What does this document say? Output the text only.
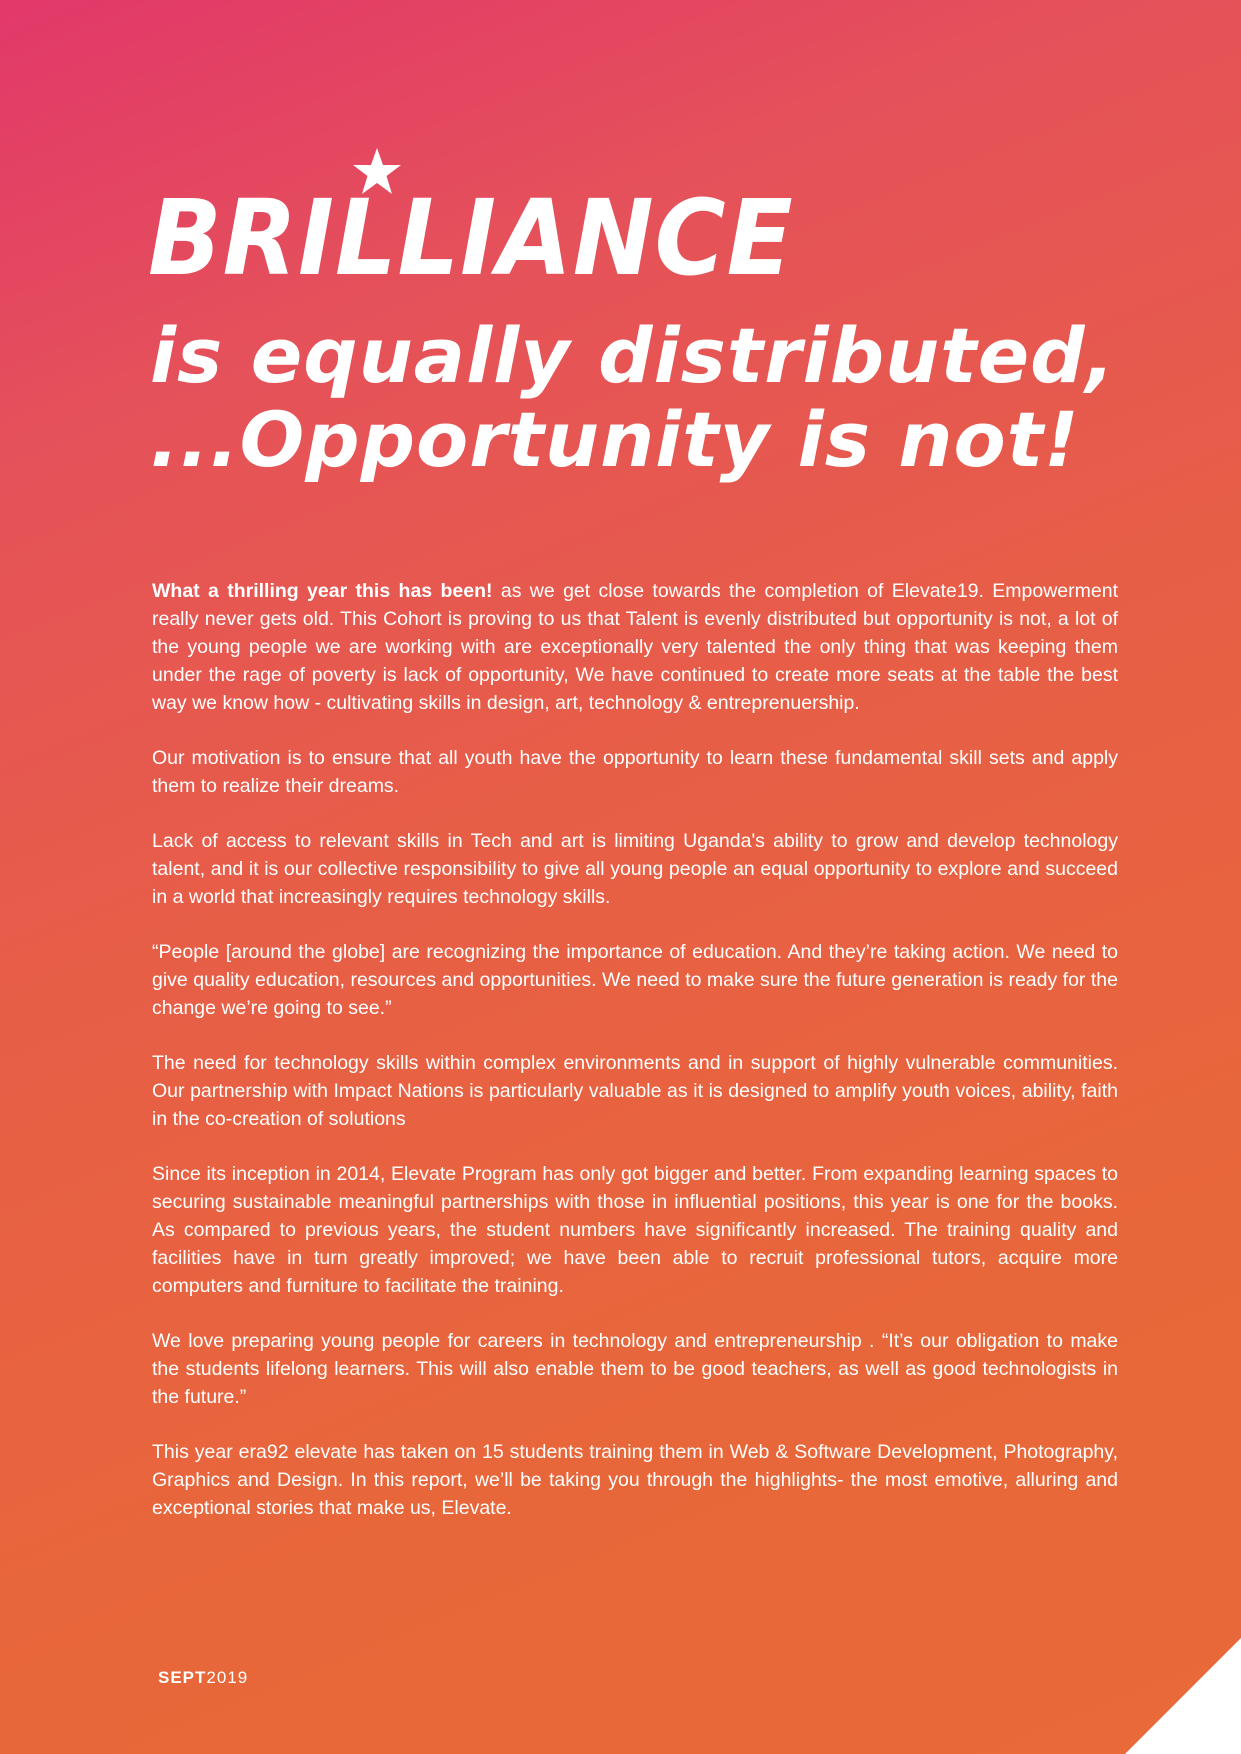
BRILLIANCE
is equally distributed,
...Opportunity is not!

What a thrilling year this has been! as we get close towards the completion of Elevate19. Empowerment really never gets old. This Cohort is proving to us that Talent is evenly distributed but opportunity is not, a lot of the young people we are working with are exceptionally very talented the only thing that was keeping them under the rage of poverty is lack of opportunity, We have continued to create more seats at the table the best way we know how - cultivating skills in design, art, technology & entreprenuership.

Our motivation is to ensure that all youth have the opportunity to learn these fundamental skill sets and apply them to realize their dreams.

Lack of access to relevant skills in Tech and art is limiting Uganda's ability to grow and develop technology talent, and it is our collective responsibility to give all young people an equal opportunity to explore and succeed in a world that increasingly requires technology skills.

“People [around the globe] are recognizing the importance of education. And they’re taking action. We need to give quality education, resources and opportunities. We need to make sure the future generation is ready for the change we’re going to see.”

The need for technology skills within complex environments and in support of highly vulnerable communities. Our partnership with Impact Nations is particularly valuable as it is designed to amplify youth voices, ability, faith in the co-creation of solutions

Since its inception in 2014, Elevate Program has only got bigger and better. From expanding learning spaces to securing sustainable meaningful partnerships with those in influential positions, this year is one for the books. As compared to previous years, the student numbers have significantly increased. The training quality and facilities have in turn greatly improved; we have been able to recruit professional tutors, acquire more computers and furniture to facilitate the training.

We love preparing young people for careers in technology and entrepreneurship . “It’s our obligation to make the students lifelong learners. This will also enable them to be good teachers, as well as good technologists in the future.”

This year era92 elevate has taken on 15 students training them in Web & Software Development, Photography, Graphics and Design. In this report, we’ll be taking you through the highlights- the most emotive, alluring and exceptional stories that make us, Elevate.

SEPT2019
